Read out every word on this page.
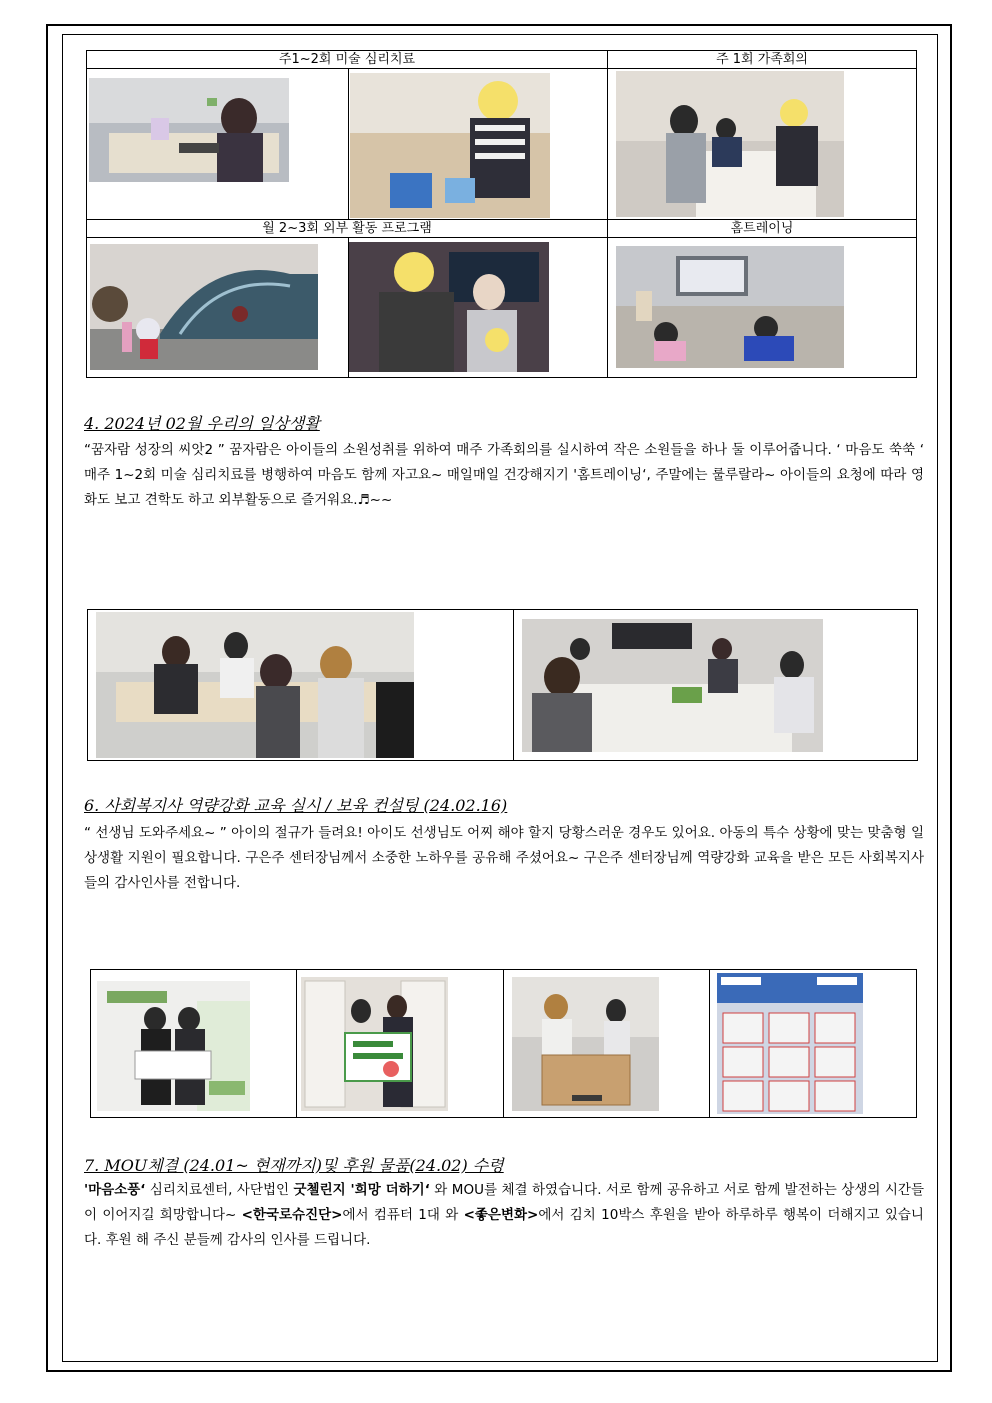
주1~2회 미술 심리치료		주 1회 가족회의

월 2~3회 외부 활동 프로그램		홈트레이닝

4. 2024년 02월 우리의 일상생활
“꿈자람 성장의 씨앗2 ” 꿈자람은 아이들의 소원성취를 위하여 매주 가족회의를 실시하여 작은 소원들을 하나 둘 이루어줍니다. ‘ 마음도 쑥쑥 ‘ 매주 1~2회 미술 심리치료를 병행하여 마음도 함께 자고요~ 매일매일 건강해지기 '홈트레이닝‘, 주말에는 룰루랄라~ 아이들의 요청에 따라 영화도 보고 견학도 하고 외부활동으로 즐거워요.♬~~

6. 사회복지사 역량강화 교육 실시 / 보육 컨설팅 (24.02.16)
“ 선생님 도와주세요~ ” 아이의 절규가 들려요! 아이도 선생님도 어찌 해야 할지 당황스러운 경우도 있어요. 아동의 특수 상황에 맞는 맞춤형 일상생활 지원이 필요합니다. 구은주 센터장님께서 소중한 노하우를 공유해 주셨어요~ 구은주 센터장님께 역량강화 교육을 받은 모든 사회복지사들의 감사인사를 전합니다.

7. MOU체결 (24.01~ 현재까지)및 후원 물품(24.02) 수령
'마음소풍‘ 심리치료센터, 사단법인 굿첼린지 '희망 더하기‘ 와 MOU를 체결 하였습니다. 서로 함께 공유하고 서로 함께 발전하는 상생의 시간들이 이어지길 희망합니다~ <한국로슈진단>에서 컴퓨터 1대 와 <좋은변화>에서 김치 10박스 후원을 받아 하루하루 행복이 더해지고 있습니다. 후원 해 주신 분들께 감사의 인사를 드립니다.
